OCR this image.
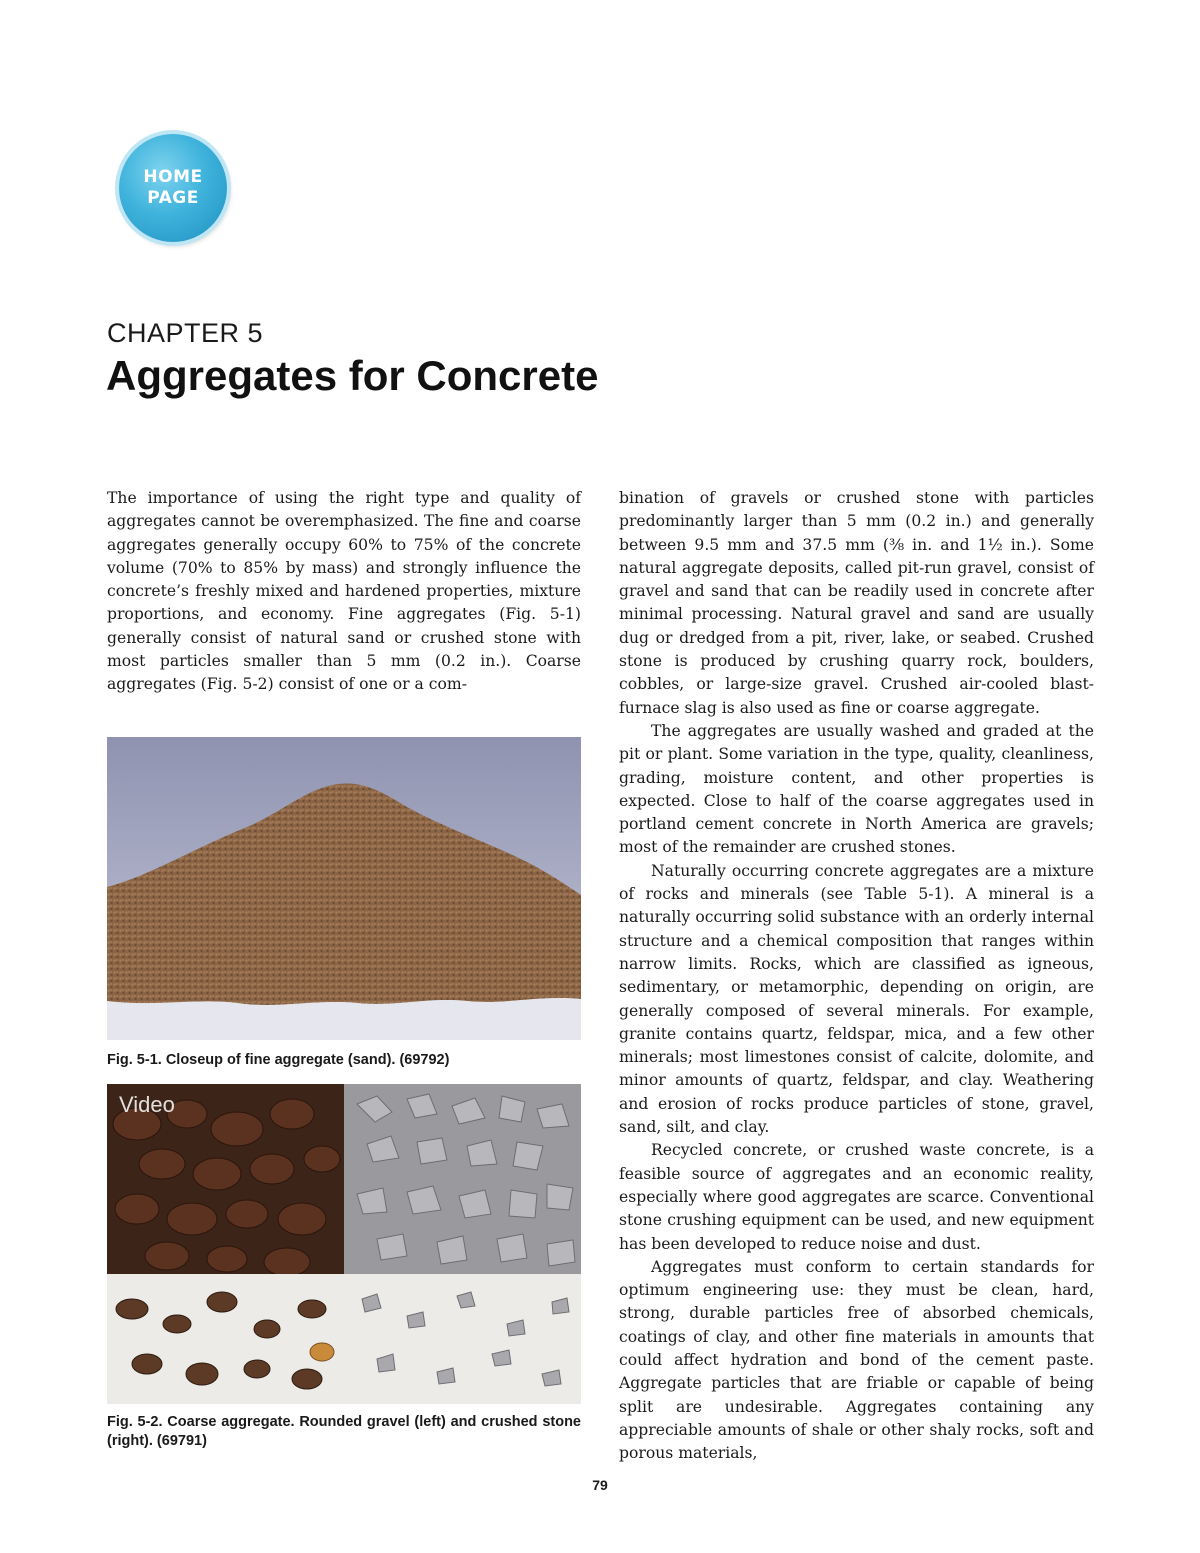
HOME
PAGE
CHAPTER 5
Aggregates for Concrete

The importance of using the right type and quality of aggregates cannot be overemphasized. The fine and coarse aggregates generally occupy 60% to 75% of the concrete volume (70% to 85% by mass) and strongly influence the concrete’s freshly mixed and hardened properties, mixture proportions, and economy. Fine aggregates (Fig. 5-1) generally consist of natural sand or crushed stone with most particles smaller than 5 mm (0.2 in.). Coarse aggregates (Fig. 5-2) consist of one or a com-

Fig. 5-1. Closeup of fine aggregate (sand). (69792)
Video
Fig. 5-2. Coarse aggregate. Rounded gravel (left) and crushed stone (right). (69791)

bination of gravels or crushed stone with particles predominantly larger than 5 mm (0.2 in.) and generally between 9.5 mm and 37.5 mm (⅜ in. and 1½ in.). Some natural aggregate deposits, called pit-run gravel, consist of gravel and sand that can be readily used in concrete after minimal processing. Natural gravel and sand are usually dug or dredged from a pit, river, lake, or seabed. Crushed stone is produced by crushing quarry rock, boulders, cobbles, or large-size gravel. Crushed air-cooled blast-furnace slag is also used as fine or coarse aggregate.

The aggregates are usually washed and graded at the pit or plant. Some variation in the type, quality, cleanliness, grading, moisture content, and other properties is expected. Close to half of the coarse aggregates used in portland cement concrete in North America are gravels; most of the remainder are crushed stones.

Naturally occurring concrete aggregates are a mixture of rocks and minerals (see Table 5-1). A mineral is a naturally occurring solid substance with an orderly internal structure and a chemical composition that ranges within narrow limits. Rocks, which are classified as igneous, sedimentary, or metamorphic, depending on origin, are generally composed of several minerals. For example, granite contains quartz, feldspar, mica, and a few other minerals; most limestones consist of calcite, dolomite, and minor amounts of quartz, feldspar, and clay. Weathering and erosion of rocks produce particles of stone, gravel, sand, silt, and clay.

Recycled concrete, or crushed waste concrete, is a feasible source of aggregates and an economic reality, especially where good aggregates are scarce. Conventional stone crushing equipment can be used, and new equipment has been developed to reduce noise and dust.

Aggregates must conform to certain standards for optimum engineering use: they must be clean, hard, strong, durable particles free of absorbed chemicals, coatings of clay, and other fine materials in amounts that could affect hydration and bond of the cement paste. Aggregate particles that are friable or capable of being split are undesirable. Aggregates containing any appreciable amounts of shale or other shaly rocks, soft and porous materials,

79
